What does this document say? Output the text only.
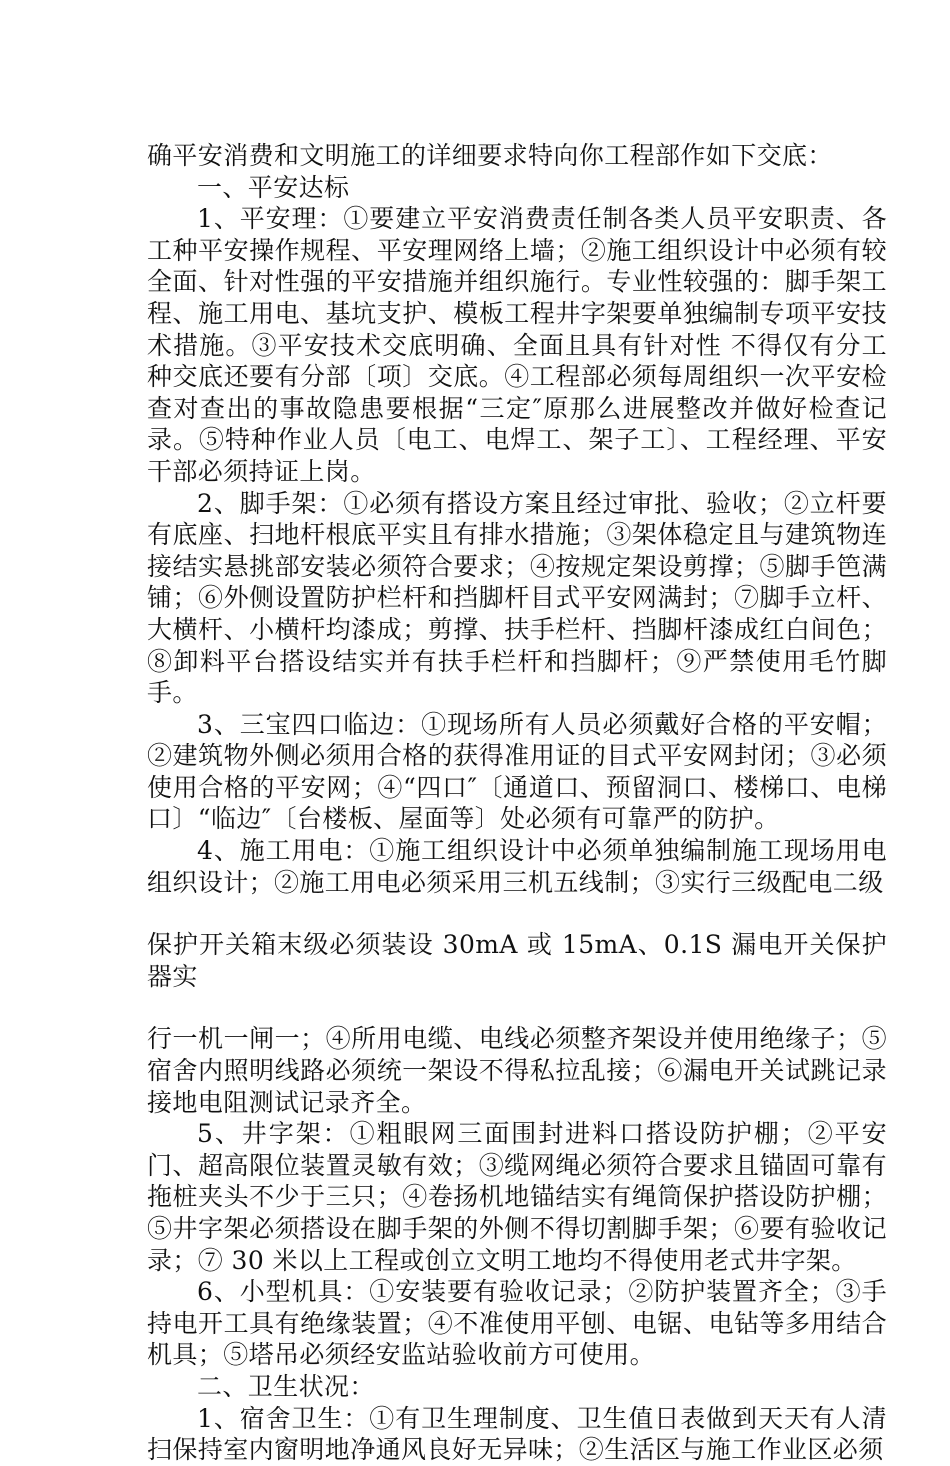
确平安消费和文明施工的详细要求特向你工程部作如下交底：

一、平安达标

1、平安理：①要建立平安消费责任制各类人员平安职责、各工种平安操作规程、平安理网络上墙；②施工组织设计中必须有较全面、针对性强的平安措施并组织施行。专业性较强的：脚手架工程、施工用电、基坑支护、模板工程井字架要单独编制专项平安技术措施。③平安技术交底明确、全面且具有针对性 不得仅有分工种交底还要有分部〔项〕交底。④工程部必须每周组织一次平安检查对查出的事故隐患要根据“三定″原那么进展整改并做好检查记录。⑤特种作业人员〔电工、电焊工、架子工〕、工程经理、平安干部必须持证上岗。

2、脚手架：①必须有搭设方案且经过审批、验收；②立杆要有底座、扫地杆根底平实且有排水措施；③架体稳定且与建筑物连接结实悬挑部安装必须符合要求；④按规定架设剪撑；⑤脚手笆满铺；⑥外侧设置防护栏杆和挡脚杆目式平安网满封；⑦脚手立杆、大横杆、小横杆均漆成；剪撑、扶手栏杆、挡脚杆漆成红白间色；⑧卸料平台搭设结实并有扶手栏杆和挡脚杆；⑨严禁使用毛竹脚手。

3、三宝四口临边：①现场所有人员必须戴好合格的平安帽；②建筑物外侧必须用合格的获得准用证的目式平安网封闭；③必须使用合格的平安网；④“四口″〔通道口、预留洞口、楼梯口、电梯口〕“临边″〔台楼板、屋面等〕处必须有可靠严的防护。

4、施工用电：①施工组织设计中必须单独编制施工现场用电组织设计；②施工用电必须采用三机五线制；③实行三级配电二级
保护开关箱末级必须装设 30mA 或 15mA、0.1S 漏电开关保护器实
行一机一闸一；④所用电缆、电线必须整齐架设并使用绝缘子；⑤宿舍内照明线路必须统一架设不得私拉乱接；⑥漏电开关试跳记录接地电阻测试记录齐全。

5、井字架：①粗眼网三面围封进料口搭设防护棚；②平安门、超高限位装置灵敏有效；③缆网绳必须符合要求且锚固可靠有拖桩夹头不少于三只；④卷扬机地锚结实有绳筒保护搭设防护棚；⑤井字架必须搭设在脚手架的外侧不得切割脚手架；⑥要有验收记录；⑦ 30 米以上工程或创立文明工地均不得使用老式井字架。

6、小型机具：①安装要有验收记录；②防护装置齐全；③手持电开工具有绝缘装置；④不准使用平刨、电锯、电钻等多用结合机具；⑤塔吊必须经安监站验收前方可使用。

二、卫生状况：

1、宿舍卫生：①有卫生理制度、卫生值日表做到天天有人清扫保持室内窗明地净通风良好无异味；②生活区与施工作业区必须
